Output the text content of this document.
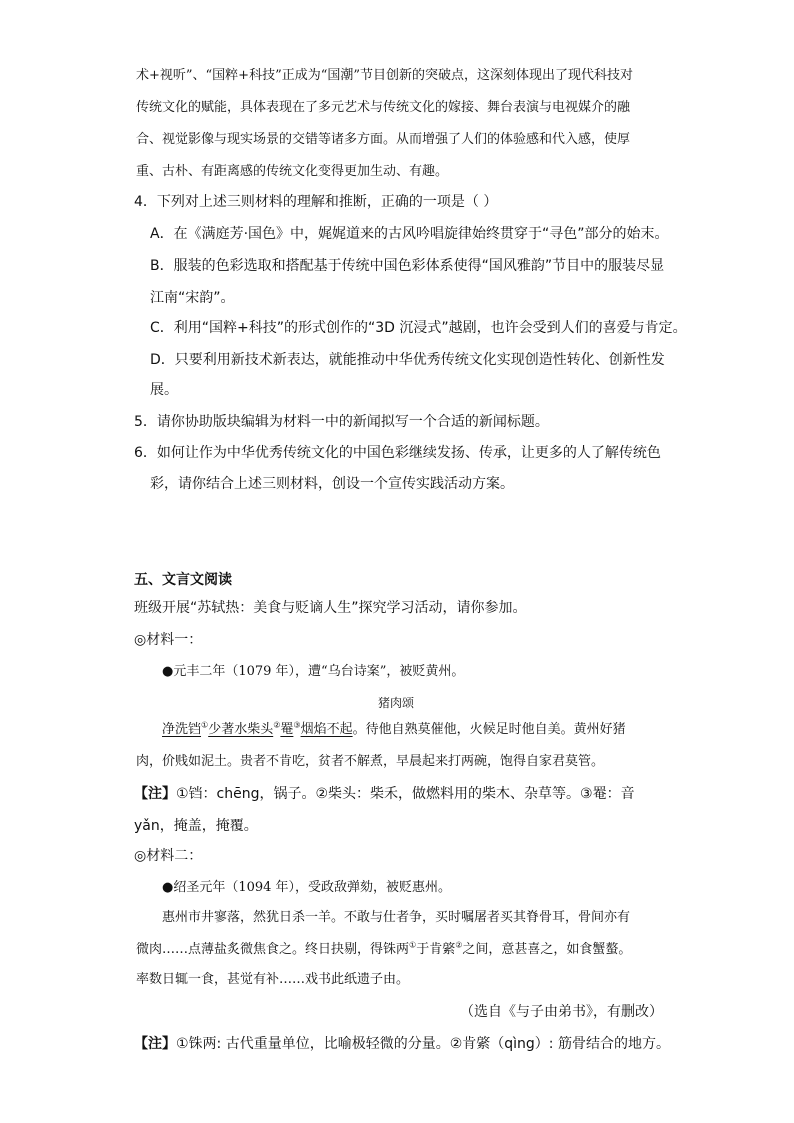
术+视听”、“国粹+科技”正成为“国潮”节目创新的突破点，这深刻体现出了现代科技对
传统文化的赋能，具体表现在了多元艺术与传统文化的嫁接、舞台表演与电视媒介的融
合、视觉影像与现实场景的交错等诸多方面。从而增强了人们的体验感和代入感，使厚
重、古朴、有距离感的传统文化变得更加生动、有趣。
4．下列对上述三则材料的理解和推断，正确的一项是（ ）
A．在《满庭芳·国色》中，娓娓道来的古风吟唱旋律始终贯穿于“寻色”部分的始末。
B．服装的色彩选取和搭配基于传统中国色彩体系使得“国风雅韵”节目中的服装尽显
江南“宋韵”。
C．利用“国粹+科技”的形式创作的“3D 沉浸式”越剧，也许会受到人们的喜爱与肯定。
D．只要利用新技术新表达，就能推动中华优秀传统文化实现创造性转化、创新性发
展。
5．请你协助版块编辑为材料一中的新闻拟写一个合适的新闻标题。
6．如何让作为中华优秀传统文化的中国色彩继续发扬、传承，让更多的人了解传统色
彩，请你结合上述三则材料，创设一个宣传实践活动方案。
五、文言文阅读
班级开展“苏轼热：美食与贬谪人生”探究学习活动，请你参加。
◎材料一：
●元丰二年（1079 年），遭“乌台诗案”，被贬黄州。
猪肉颂
净洗铛①少著水柴头②罨③烟焰不起。待他自熟莫催他，火候足时他自美。黄州好猪
肉，价贱如泥土。贵者不肯吃，贫者不解煮，早晨起来打两碗，饱得自家君莫管。
【注】①铛：chēng，锅子。②柴头：柴禾，做燃料用的柴木、杂草等。③罨：音
yǎn，掩盖，掩覆。
◎材料二：
●绍圣元年（1094 年），受政敌弹劾，被贬惠州。
惠州市井寥落，然犹日杀一羊。不敢与仕者争，买时嘱屠者买其脊骨耳，骨间亦有
微肉……点薄盐炙微焦食之。终日抉剔，得铢两①于肯綮②之间，意甚喜之，如食蟹螯。
率数日辄一食，甚觉有补……戏书此纸遗子由。
（选自《与子由弟书》，有删改）
【注】①铢两: 古代重量单位，比喻极轻微的分量。②肯綮（qìng）: 筋骨结合的地方。
